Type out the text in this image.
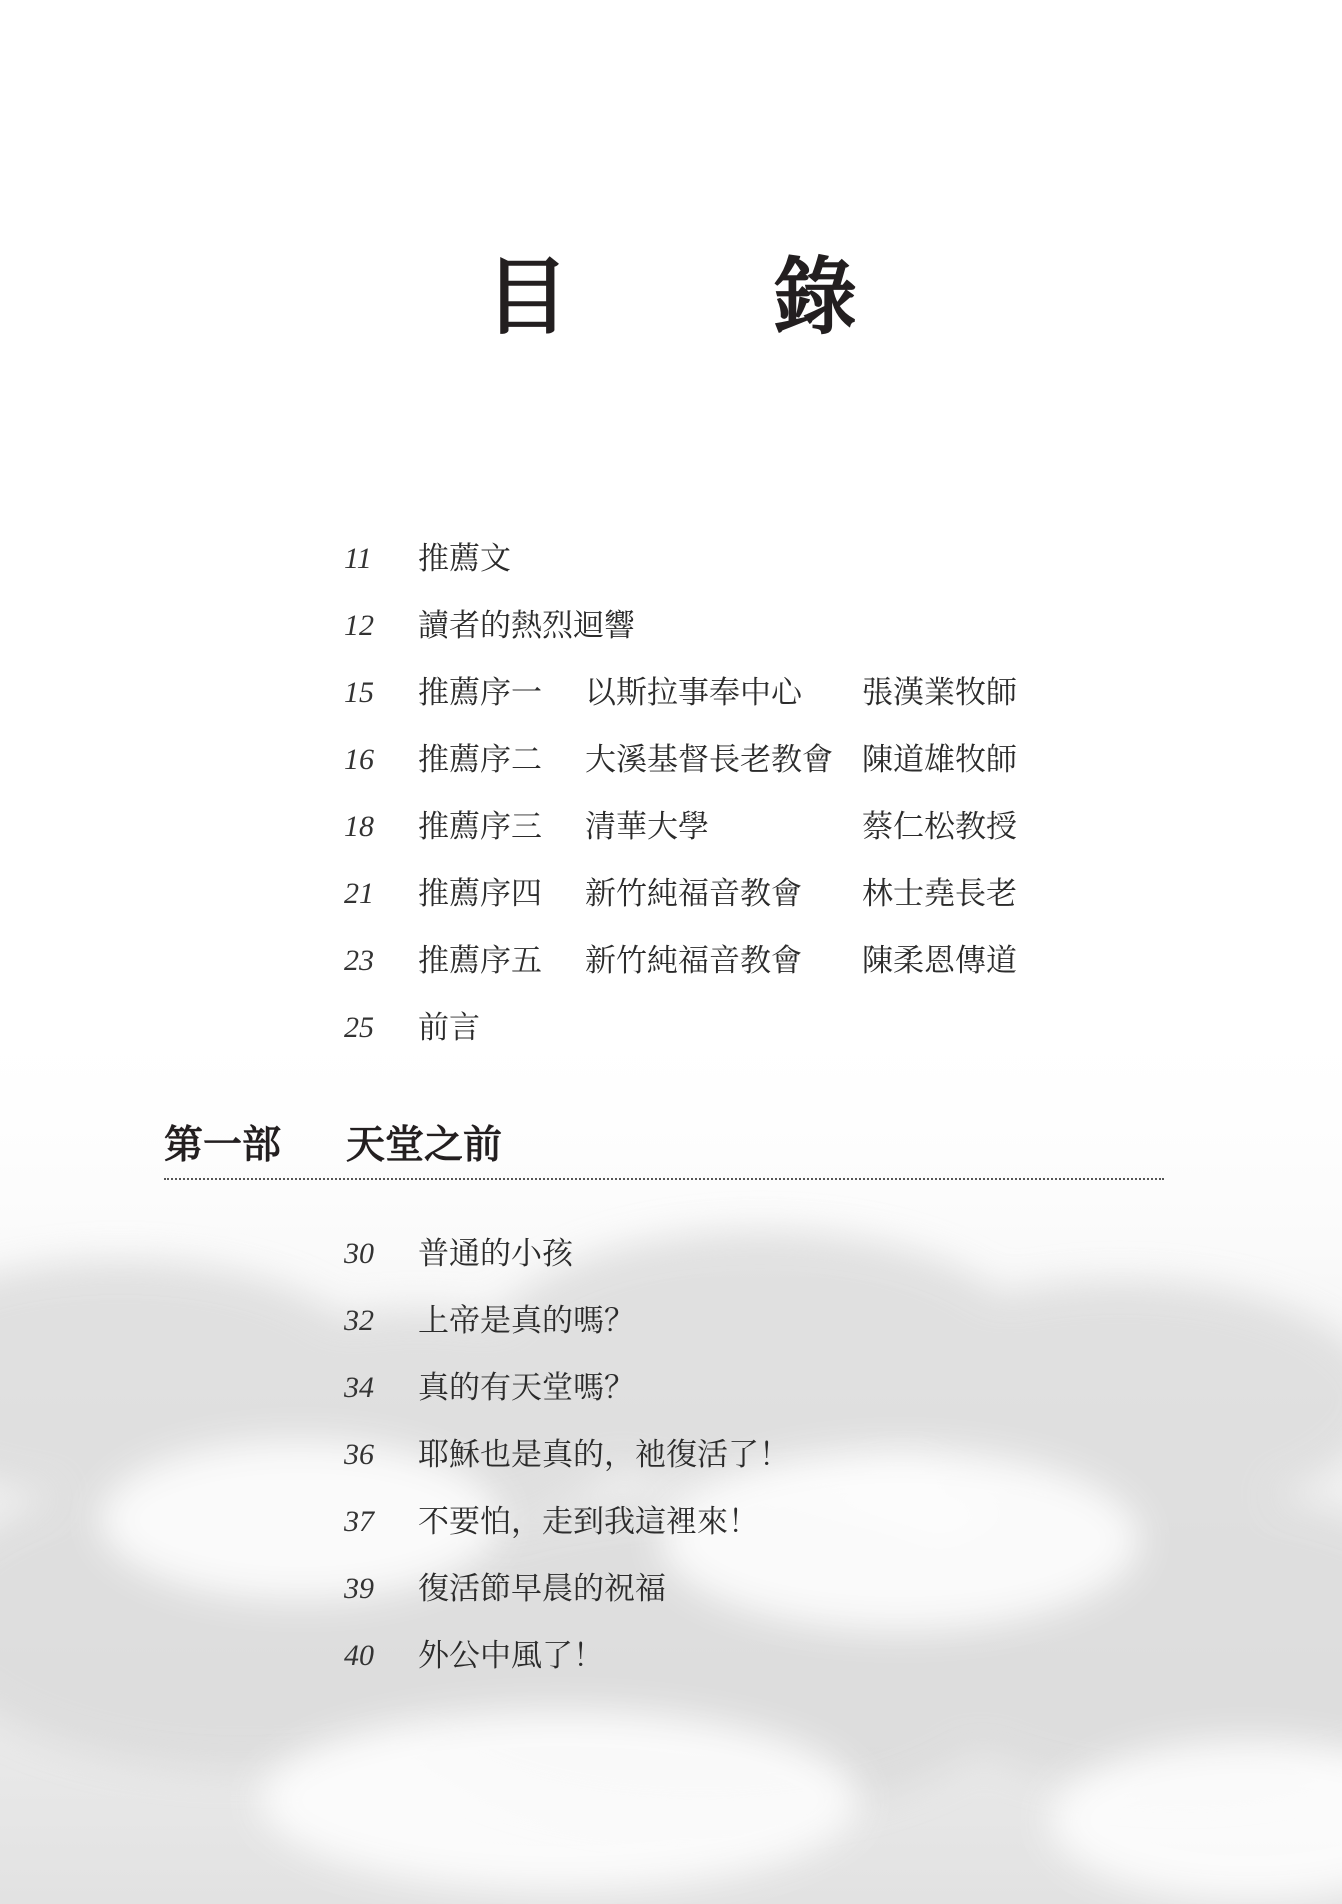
目　錄
11	推薦文
12	讀者的熱烈迴響
15	推薦序一 以斯拉事奉中心 張漢業牧師
16	推薦序二 大溪基督長老教會 陳道雄牧師
18	推薦序三 清華大學	蔡仁松教授
21	推薦序四 新竹純福音教會 林士堯長老
23	推薦序五 新竹純福音教會 陳柔恩傳道
25	前言
第一部 天堂之前
30	普通的小孩
32	上帝是真的嗎？
34	真的有天堂嗎？
36	耶穌也是真的，祂復活了！
37	不要怕，走到我這裡來！
39	復活節早晨的祝福
40	外公中風了！
